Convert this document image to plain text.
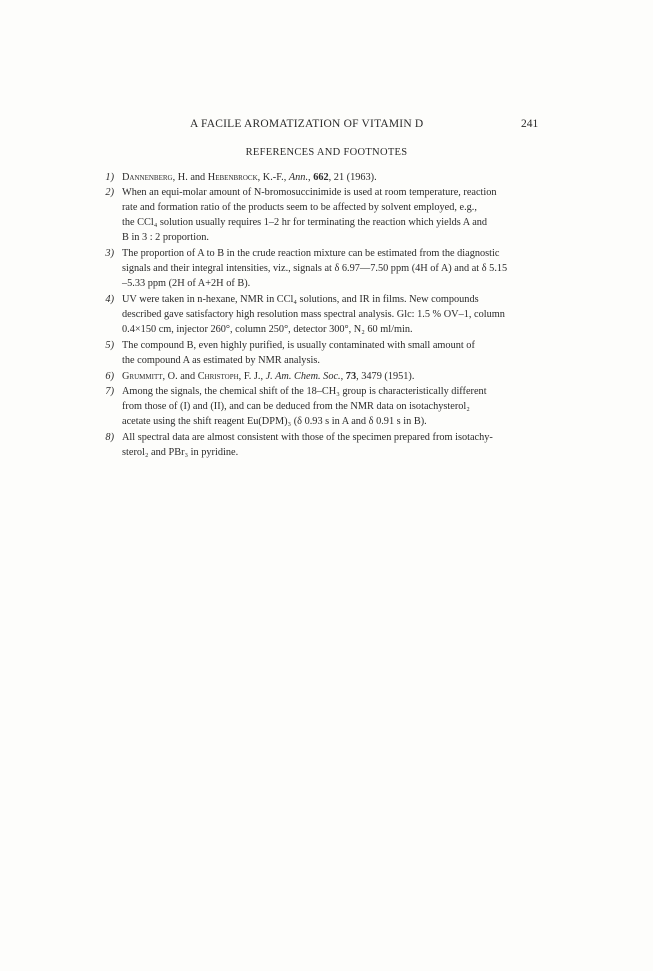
A FACILE AROMATIZATION OF VITAMIN D	241
REFERENCES AND FOOTNOTES
1) Dannenberg, H. and Hebenbrock, K.-F., Ann., 662, 21 (1963).
2) When an equi-molar amount of N-bromosuccinimide is used at room temperature, reaction
rate and formation ratio of the products seem to be affected by solvent employed, e.g.,
the CCl₄ solution usually requires 1–2 hr for terminating the reaction which yields A and
B in 3 : 2 proportion.
3) The proportion of A to B in the crude reaction mixture can be estimated from the diagnostic
signals and their integral intensities, viz., signals at δ 6.97—7.50 ppm (4H of A) and at δ 5.15
–5.33 ppm (2H of A+2H of B).
4) UV were taken in n-hexane, NMR in CCl₄ solutions, and IR in films. New compounds
described gave satisfactory high resolution mass spectral analysis. Glc: 1.5 % OV–1, column
0.4×150 cm, injector 260°, column 250°, detector 300°, N₂ 60 ml/min.
5) The compound B, even highly purified, is usually contaminated with small amount of
the compound A as estimated by NMR analysis.
6) Grummitt, O. and Christoph, F. J., J. Am. Chem. Soc., 73, 3479 (1951).
7) Among the signals, the chemical shift of the 18–CH₃ group is characteristically different
from those of (I) and (II), and can be deduced from the NMR data on isotachysterol₂
acetate using the shift reagent Eu(DPM)₃ (δ 0.93 s in A and δ 0.91 s in B).
8) All spectral data are almost consistent with those of the specimen prepared from isotachy-
sterol₂ and PBr₃ in pyridine.
